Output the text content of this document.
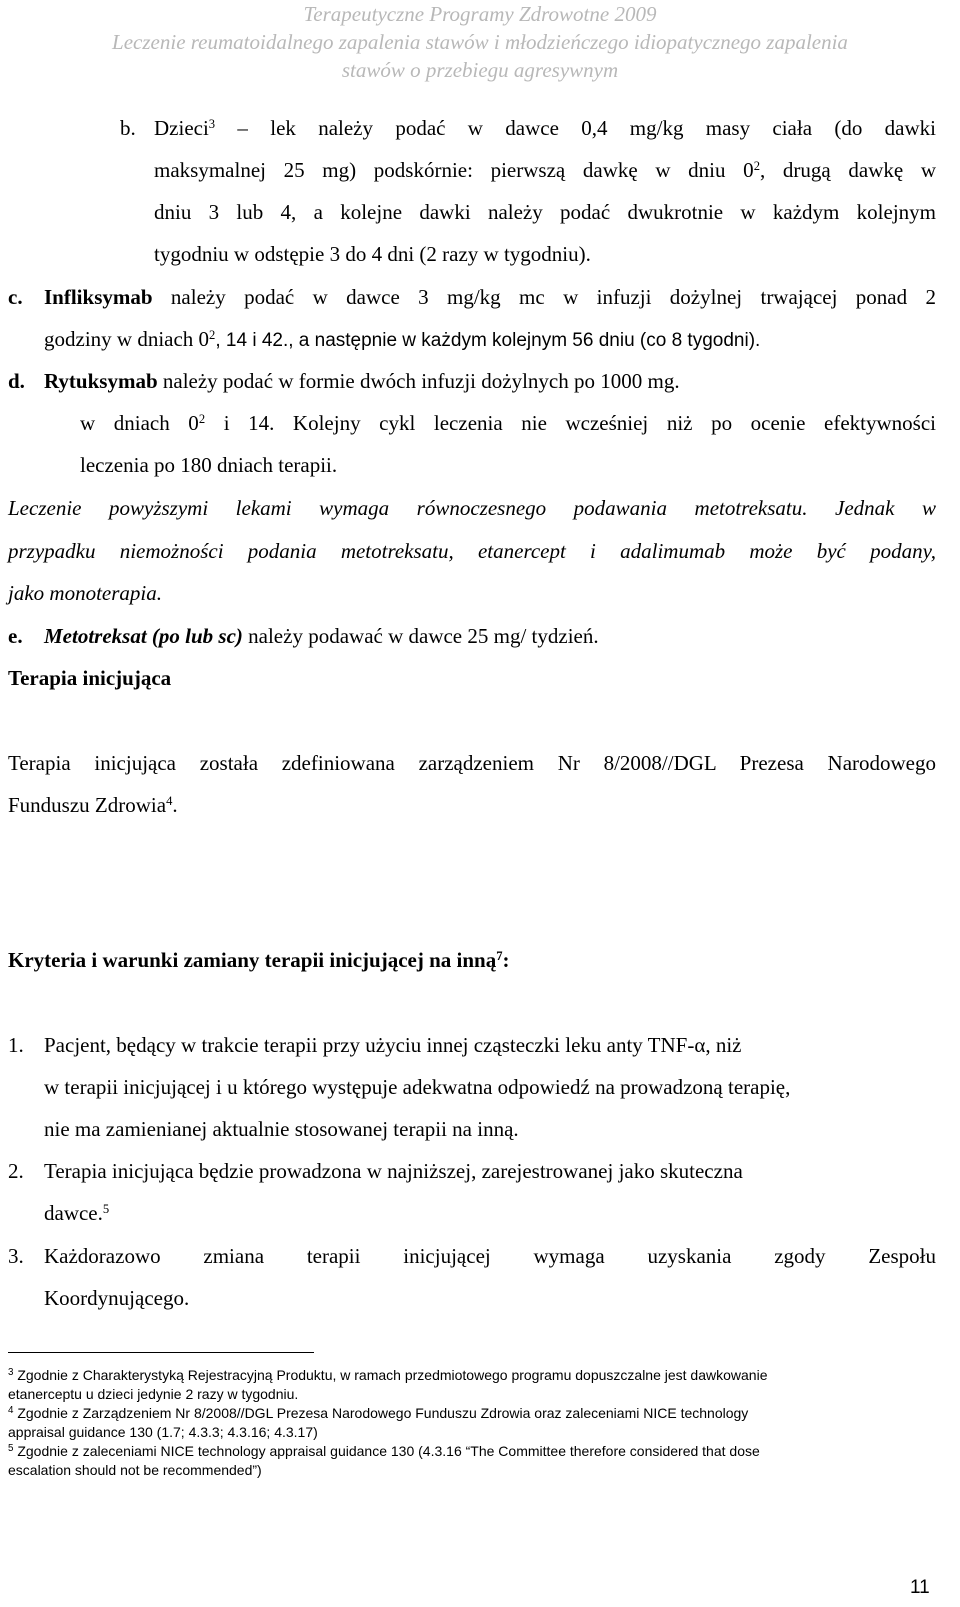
Terapeutyczne Programy Zdrowotne 2009
Leczenie reumatoidalnego zapalenia stawów i młodzieńczego idiopatycznego zapalenia
stawów o przebiegu agresywnym
b. Dzieci$^3$ – lek należy podać w dawce 0,4 mg/kg masy ciała (do dawki
maksymalnej 25 mg) podskórnie: pierwszą dawkę w dniu $0^2$, drugą dawkę w
dniu 3 lub 4, a kolejne dawki należy podać dwukrotnie w każdym kolejnym
tygodniu w odstępie 3 do 4 dni (2 razy w tygodniu).
c. Infliksymab należy podać w dawce 3 mg/kg mc w infuzji dożylnej trwającej ponad 2
godziny w dniach $0^2$, 14 i 42., a następnie w każdym kolejnym 56 dniu (co 8 tygodni).
d. Rytuksymab należy podać w formie dwóch infuzji dożylnych po 1000 mg.
w dniach $0^2$ i 14. Kolejny cykl leczenia nie wcześniej niż po ocenie efektywności
leczenia po 180 dniach terapii.
Leczenie powyższymi lekami wymaga równoczesnego podawania metotreksatu. Jednak w
przypadku niemożności podania metotreksatu, etanercept i adalimumab może być podany,
jako monoterapia.
e. Metotreksat (po lub sc) należy podawać w dawce 25 mg/ tydzień.
Terapia inicjująca
Terapia inicjująca została zdefiniowana zarządzeniem Nr 8/2008//DGL Prezesa Narodowego
Funduszu Zdrowia$^4$.
Kryteria i warunki zamiany terapii inicjującej na inną$^7$:
1. Pacjent, będący w trakcie terapii przy użyciu innej cząsteczki leku anty TNF-α, niż
w terapii inicjującej i u którego występuje adekwatna odpowiedź na prowadzoną terapię,
nie ma zamienianej aktualnie stosowanej terapii na inną.
2. Terapia inicjująca będzie prowadzona w najniższej, zarejestrowanej jako skuteczna
dawce.$^5$
3. Każdorazowo zmiana terapii inicjującej wymaga uzyskania zgody Zespołu
Koordynującego.
$^3$ Zgodnie z Charakterystyką Rejestracyjną Produktu, w ramach przedmiotowego programu dopuszczalne jest dawkowanie
etanerceptu u dzieci jedynie 2 razy w tygodniu.
$^4$ Zgodnie z Zarządzeniem Nr 8/2008//DGL Prezesa Narodowego Funduszu Zdrowia oraz zaleceniami NICE technology
appraisal guidance 130 (1.7; 4.3.3; 4.3.16; 4.3.17)
$^5$ Zgodnie z zaleceniami NICE technology appraisal guidance 130 (4.3.16 “The Committee therefore considered that dose
escalation should not be recommended”)
11
